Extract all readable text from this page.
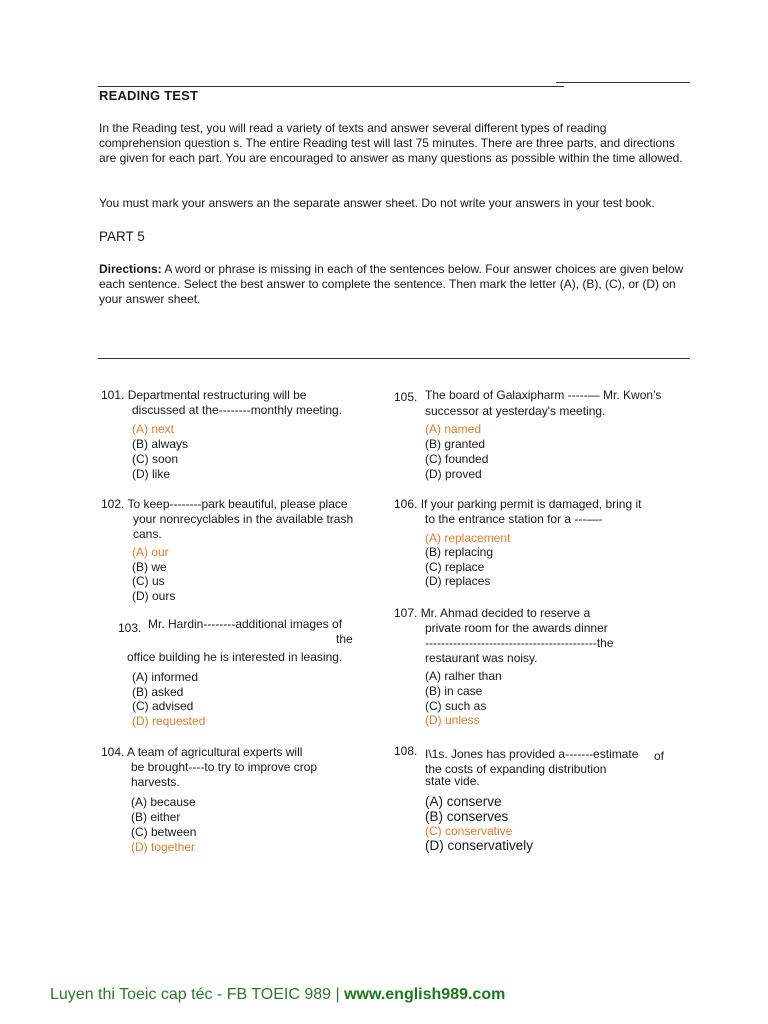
READING TEST
In the Reading test, you will read a variety of texts and answer several different types of reading comprehension question s. The entire Reading test will last 75 minutes. There are three parts, and directions are given for each part. You are encouraged to answer as many questions as possible within the time allowed.
You must mark your answers an the separate answer sheet. Do not write your answers in your test book.
PART 5
Directions: A word or phrase is missing in each of the sentences below. Four answer choices are given below each sentence. Select the best answer to complete the sentence. Then mark the letter (A), (B), (C), or (D) on your answer sheet.
101. Departmental restructuring will be
discussed at the--------monthly meeting.
(A) next
(B) always
(C) soon
(D) like
102. To keep--------park beautiful, please place
your nonrecyclables in the available trash
cans.
(A) our
(B) we
(C) us
(D) ours
103. Mr. Hardin--------additional images of
the
office building he is interested in leasing.
(A) informed
(B) asked
(C) advised
(D) requested
104. A team of agricultural experts will
be brought----to try to improve crop
harvests.
(A) because
(B) either
(C) between
(D) together
105. The board of Galaxipharm -----— Mr. Kwon's
successor at yesterday's meeting.
(A) named
(B) granted
(C) founded
(D) proved
106. If your parking permit is damaged, bring it
to the entrance station for a ---—-
(A) replacement
(B) replacing
(C) replace
(D) replaces
107. Mr. Ahmad decided to reserve a
private room for the awards dinner
-------------------------------------------the
restaurant was noisy.
(A) ralher than
(B) in case
(C) such as
(D) unless
108. I\1s. Jones has provided a-------estimate of
the costs of expanding distribution
state vide.
(A) conserve
(B) conserves
(C) conservative
(D) conservatively
Luyen thi Toeic cap téc - FB TOEIC 989 | www.english989.com
